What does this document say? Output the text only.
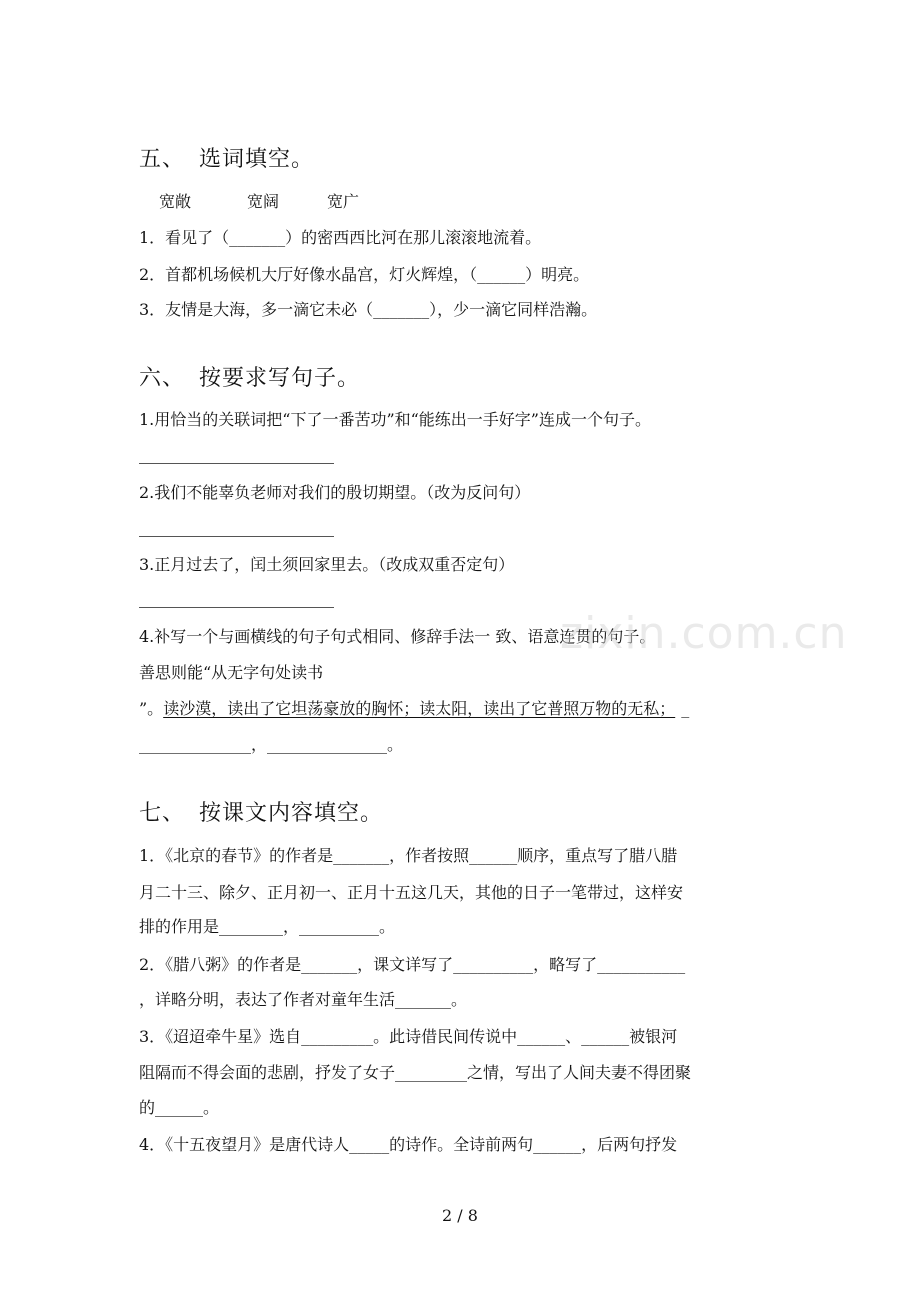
五、 选词填空。
宽敞	宽阔	宽广
1．看见了（_______）的密西西比河在那儿滚滚地流着。
2．首都机场候机大厅好像水晶宫，灯火辉煌，（______）明亮。
3．友情是大海，多一滴它未必（_______），少一滴它同样浩瀚。
六、 按要求写句子。
1.用恰当的关联词把“下了一番苦功”和“能练出一手好字”连成一个句子。
2.我们不能辜负老师对我们的殷切期望。（改为反问句）
3.正月过去了，闰土须回家里去。（改成双重否定句）
4.补写一个与画横线的句子句式相同、修辞手法一 致、语意连贯的句子。
善思则能“从无字句处读书
”。读沙漠，读出了它坦荡豪放的胸怀；读太阳，读出了它普照万物的无私； _
______________，_______________。
七、 按课文内容填空。
1．《北京的春节》的作者是_______，作者按照______顺序，重点写了腊八腊
月二十三、除夕、正月初一、正月十五这几天，其他的日子一笔带过，这样安
排的作用是________，__________。
2．《腊八粥》的作者是_______，课文详写了__________，略写了___________
，详略分明，表达了作者对童年生活_______。
3．《迢迢牵牛星》选自_________。此诗借民间传说中______、______被银河
阻隔而不得会面的悲剧，抒发了女子_________之情，写出了人间夫妻不得团聚
的______。
4．《十五夜望月》是唐代诗人_____的诗作。全诗前两句______，后两句抒发
zixin.com.cn
2 / 8
